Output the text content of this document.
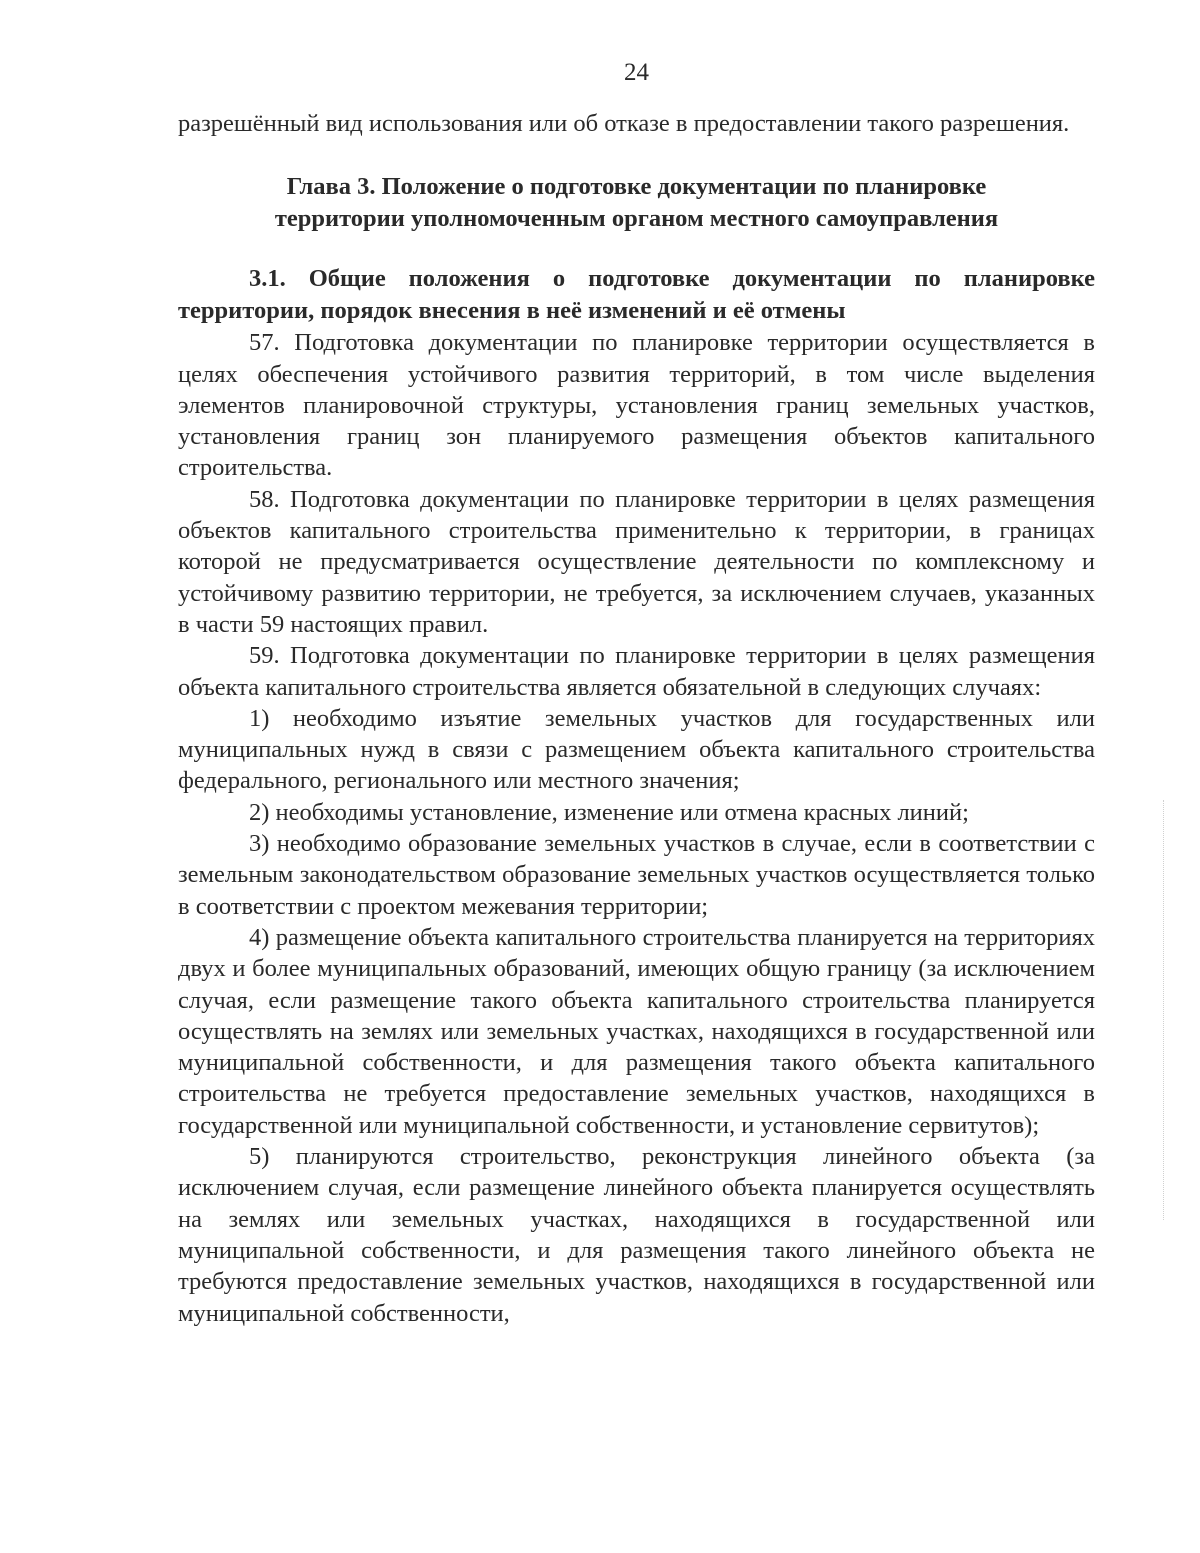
24

разрешённый вид использования или об отказе в предоставлении такого разрешения.

Глава 3. Положение о подготовке документации по планировке
территории уполномоченным органом местного самоуправления
3.1. Общие положения о подготовке документации по планировке территории, порядок внесения в неё изменений и её отмены

57. Подготовка документации по планировке территории осуществляется в целях обеспечения устойчивого развития территорий, в том числе выделения элементов планировочной структуры, установления границ земельных участков, установления границ зон планируемого размещения объектов капитального строительства.

58. Подготовка документации по планировке территории в целях размещения объектов капитального строительства применительно к территории, в границах которой не предусматривается осуществление деятельности по комплексному и устойчивому развитию территории, не требуется, за исключением случаев, указанных в части 59 настоящих правил.

59. Подготовка документации по планировке территории в целях размещения объекта капитального строительства является обязательной в следующих случаях:

1) необходимо изъятие земельных участков для государственных или муниципальных нужд в связи с размещением объекта капитального строительства федерального, регионального или местного значения;

2) необходимы установление, изменение или отмена красных линий;

3) необходимо образование земельных участков в случае, если в соответствии с земельным законодательством образование земельных участков осуществляется только в соответствии с проектом межевания территории;

4) размещение объекта капитального строительства планируется на территориях двух и более муниципальных образований, имеющих общую границу (за исключением случая, если размещение такого объекта капитального строительства планируется осуществлять на землях или земельных участках, находящихся в государственной или муниципальной собственности, и для размещения такого объекта капитального строительства не требуется предоставление земельных участков, находящихся в государственной или муниципальной собственности, и установление сервитутов);

5) планируются строительство, реконструкция линейного объекта (за исключением случая, если размещение линейного объекта планируется осуществлять на землях или земельных участках, находящихся в государственной или муниципальной собственности, и для размещения такого линейного объекта не требуются предоставление земельных участков, находящихся в государственной или муниципальной собственности,
